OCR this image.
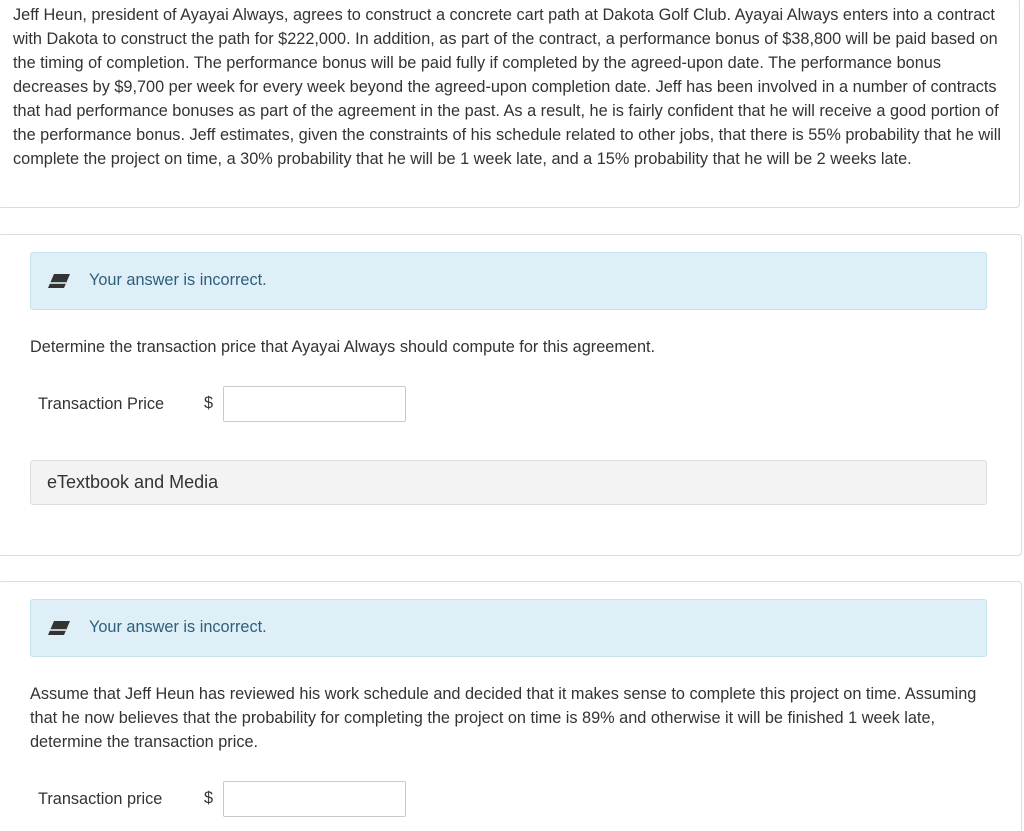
Jeff Heun, president of Ayayai Always, agrees to construct a concrete cart path at Dakota Golf Club. Ayayai Always enters into a contract with Dakota to construct the path for $222,000. In addition, as part of the contract, a performance bonus of $38,800 will be paid based on the timing of completion. The performance bonus will be paid fully if completed by the agreed-upon date. The performance bonus decreases by $9,700 per week for every week beyond the agreed-upon completion date. Jeff has been involved in a number of contracts that had performance bonuses as part of the agreement in the past. As a result, he is fairly confident that he will receive a good portion of the performance bonus. Jeff estimates, given the constraints of his schedule related to other jobs, that there is 55% probability that he will complete the project on time, a 30% probability that he will be 1 week late, and a 15% probability that he will be 2 weeks late.
Your answer is incorrect.
Determine the transaction price that Ayayai Always should compute for this agreement.
Transaction Price $
eTextbook and Media
Your answer is incorrect.
Assume that Jeff Heun has reviewed his work schedule and decided that it makes sense to complete this project on time. Assuming that he now believes that the probability for completing the project on time is 89% and otherwise it will be finished 1 week late, determine the transaction price.
Transaction price	$
